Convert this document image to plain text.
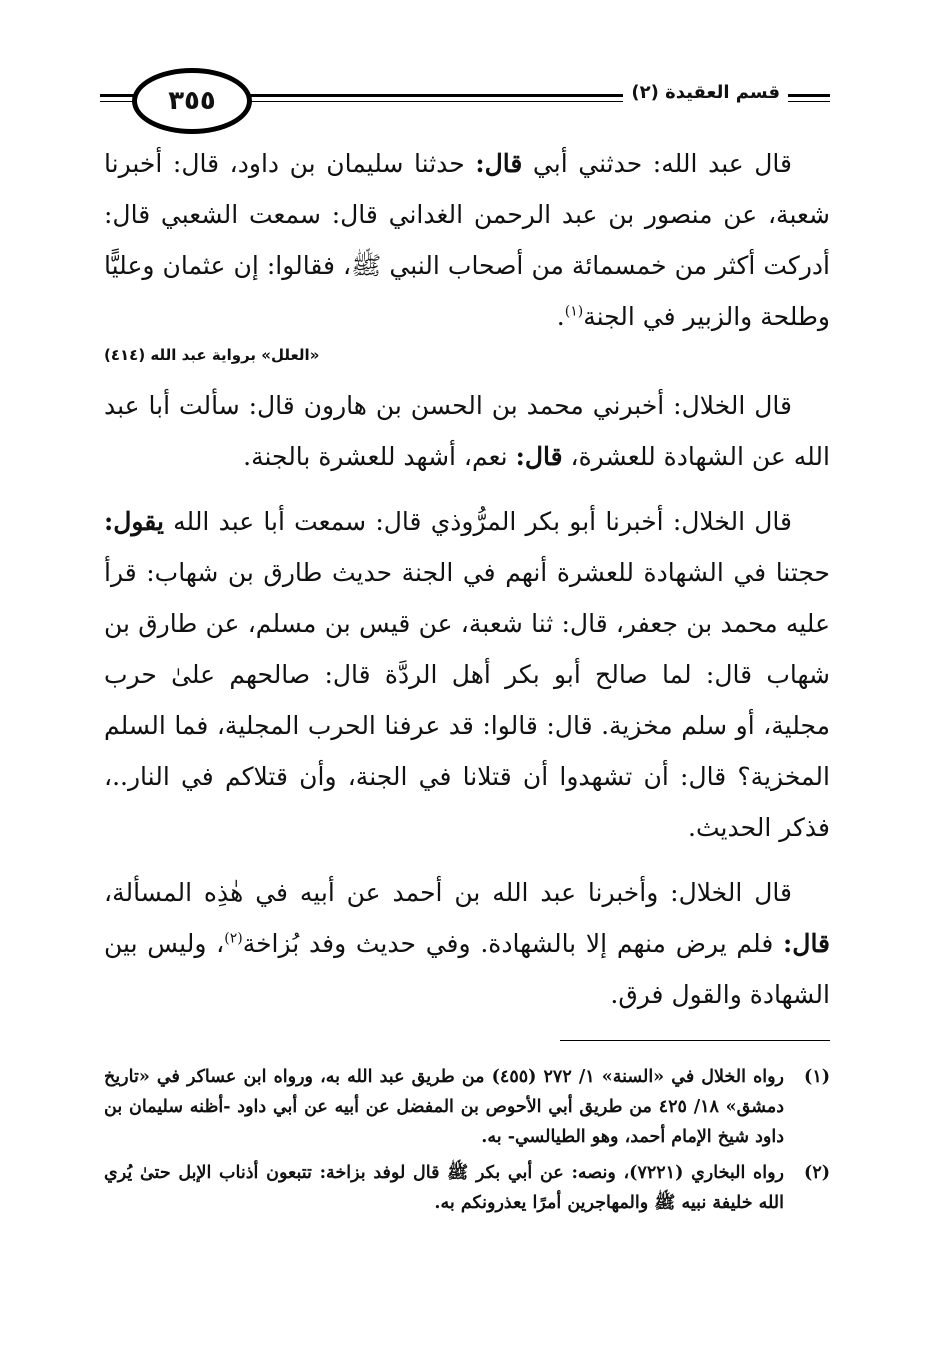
٣٥٥	قسم العقيدة (٢)

قال عبد الله: حدثني أبي قال: حدثنا سليمان بن داود، قال: أخبرنا شعبة، عن منصور بن عبد الرحمن الغداني قال: سمعت الشعبي قال: أدركت أكثر من خمسمائة من أصحاب النبي ﷺ، فقالوا: إن عثمان وعليًّا وطلحة والزبير في الجنة$^{(١)}$.

«العلل» برواية عبد الله (٤١٤)

قال الخلال: أخبرني محمد بن الحسن بن هارون قال: سألت أبا عبد الله عن الشهادة للعشرة، قال: نعم، أشهد للعشرة بالجنة.

قال الخلال: أخبرنا أبو بكر المرُّوذي قال: سمعت أبا عبد الله يقول: حجتنا في الشهادة للعشرة أنهم في الجنة حديث طارق بن شهاب: قرأ عليه محمد بن جعفر، قال: ثنا شعبة، عن قيس بن مسلم، عن طارق بن شهاب قال: لما صالح أبو بكر أهل الردَّة قال: صالحهم علىٰ حرب مجلية، أو سلم مخزية. قال: قالوا: قد عرفنا الحرب المجلية، فما السلم المخزية؟ قال: أن تشهدوا أن قتلانا في الجنة، وأن قتلاكم في النار..، فذكر الحديث.

قال الخلال: وأخبرنا عبد الله بن أحمد عن أبيه في هٰذِه المسألة، قال: فلم يرض منهم إلا بالشهادة. وفي حديث وفد بُزاخة$^{(٢)}$، وليس بين الشهادة والقول فرق.

(١)
رواه الخلال في «السنة» ١/ ٢٧٢ (٤٥٥) من طريق عبد الله به، ورواه ابن عساكر في «تاريخ دمشق» ١٨/ ٤٢٥ من طريق أبي الأحوص بن المفضل عن أبيه عن أبي داود -أظنه سليمان بن داود شيخ الإمام أحمد، وهو الطيالسي- به.
(٢)
رواه البخاري (٧٢٢١)، ونصه: عن أبي بكر ﷺ قال لوفد بزاخة: تتبعون أذناب الإبل حتىٰ يُري الله خليفة نبيه ﷺ والمهاجرين أمرًا يعذرونكم به.
